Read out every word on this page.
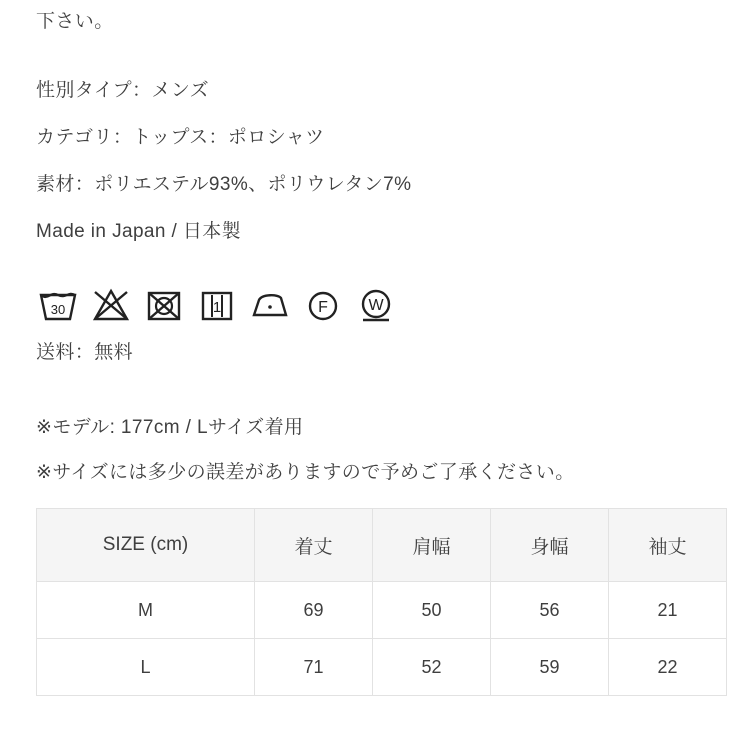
下さい。
性別タイプ：メンズ
カテゴリ：トップス：ポロシャツ
素材：ポリエステル93%、ポリウレタン7%
Made in Japan / 日本製
30	1	F	W
送料：無料
※モデル: 177cm / Lサイズ着用
※サイズには多少の誤差がありますので予めご了承ください。
SIZE (cm)	着丈	肩幅	身幅	袖丈
M	69	50	56	21
L	71	52	59	22
